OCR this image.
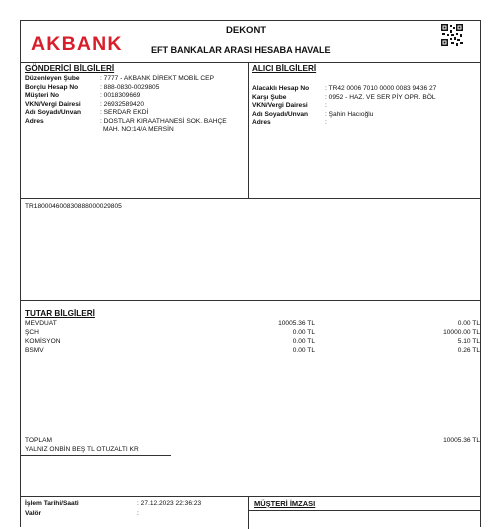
AKBANK
DEKONT
EFT BANKALAR ARASI HESABA HAVALE
GÖNDERİCİ BİLGİLERİ
Düzenleyen Şube	: 7777 - AKBANK DİREKT MOBİL CEP
Borçlu Hesap No	: 888-0830-0029805
Müşteri No	: 0018309669
VKN/Vergi Dairesi	: 26932589420
Adı Soyadı/Unvan	: SERDAR EKDİ
Adres	: DOSTLAR KIRAATHANESİ SOK. BAHÇE
MAH. NO:14/A MERSİN
ALICI BİLGİLERİ
Alacaklı Hesap No : TR42 0006 7010 0000 0083 9436 27
Karşı Şube	: 0952 - HAZ. VE SER PİY OPR. BÖL
VKN/Vergi Dairesi	:
Adı Soyadı/Unvan	: Şahin Hacıoğlu
Adres	:
TR180004600830888000029805
TUTAR BİLGİLERİ
MEVDUAT	10005.36 TL	0.00 TL
ŞCH	0.00 TL	10000.00 TL
KOMİSYON	0.00 TL	5.10 TL
BSMV	0.00 TL	0.26 TL
TOPLAM	10005.36 TL
YALNIZ ONBİN BEŞ TL OTUZALTI KR
İşlem Tarihi/Saati	: 27.12.2023 22:36:23
Valör	:
MÜŞTERİ İMZASI
